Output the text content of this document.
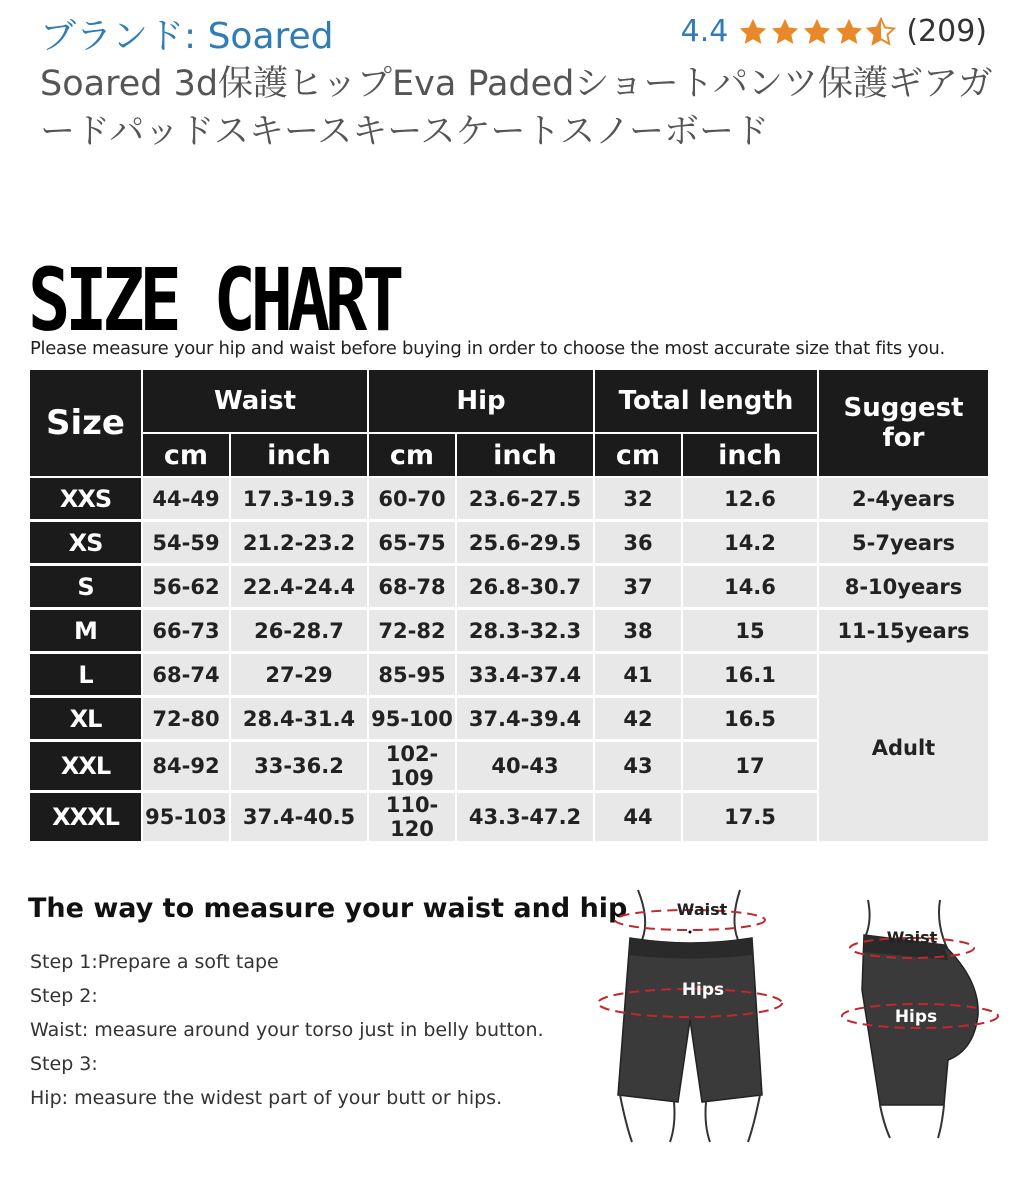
ブランド: Soared	4.4	(209)
Soared 3d保護ヒップEva Padedショートパンツ保護ギアガードパッドスキースキースケートスノーボード
SIZE CHART
Please measure your hip and waist before buying in order to choose the most accurate size that fits you.
Size	Waist		Hip		Total length		Suggest for
	cm	inch	cm	inch	cm	inch	
XXS	44-49	17.3-19.3	60-70	23.6-27.5	32	12.6	2-4years
XS	54-59	21.2-23.2	65-75	25.6-29.5	36	14.2	5-7years
S	56-62	22.4-24.4	68-78	26.8-30.7	37	14.6	8-10years
M	66-73	26-28.7	72-82	28.3-32.3	38	15	11-15years
L	68-74	27-29	85-95	33.4-37.4	41	16.1	Adult
XL	72-80	28.4-31.4	95-100	37.4-39.4	42	16.5	
XXL	84-92	33-36.2	102-109	40-43	43	17	
XXXL	95-103	37.4-40.5	110-120	43.3-47.2	44	17.5	
The way to measure your waist and hip
Step 1:Prepare a soft tape
Step 2:
Waist: measure around your torso just in belly button.
Step 3:
Hip: measure the widest part of your butt or hips.
Waist
Hips
Waist
Hips
